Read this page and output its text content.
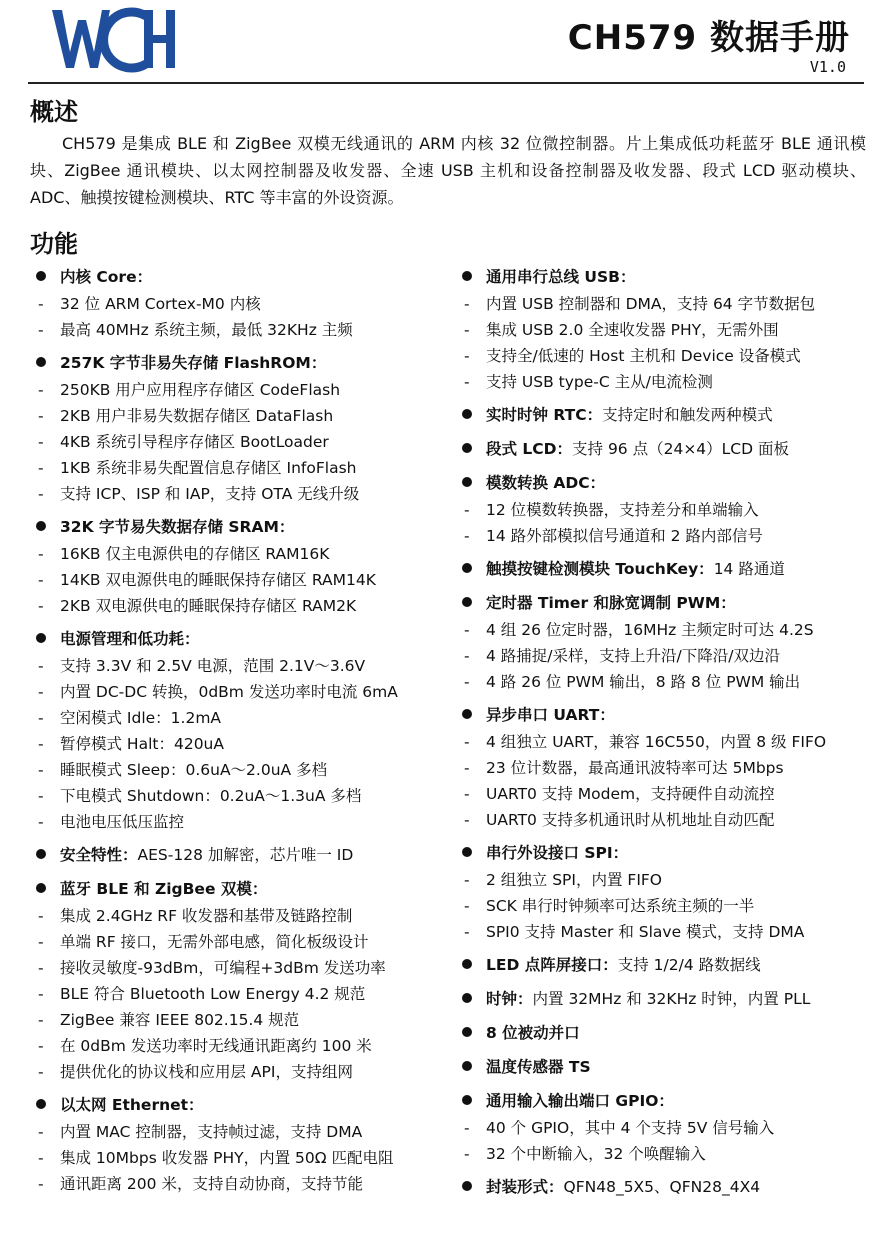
CH579 数据手册
V1.0
概述

CH579 是集成 BLE 和 ZigBee 双模无线通讯的 ARM 内核 32 位微控制器。片上集成低功耗蓝牙 BLE 通讯模块、ZigBee 通讯模块、以太网控制器及收发器、全速 USB 主机和设备控制器及收发器、段式 LCD 驱动模块、ADC、触摸按键检测模块、RTC 等丰富的外设资源。

功能
内核 Core：
- 32 位 ARM Cortex-M0 内核
- 最高 40MHz 系统主频，最低 32KHz 主频
257K 字节非易失存储 FlashROM：
- 250KB 用户应用程序存储区 CodeFlash
- 2KB 用户非易失数据存储区 DataFlash
- 4KB 系统引导程序存储区 BootLoader
- 1KB 系统非易失配置信息存储区 InfoFlash
- 支持 ICP、ISP 和 IAP，支持 OTA 无线升级
32K 字节易失数据存储 SRAM：
- 16KB 仅主电源供电的存储区 RAM16K
- 14KB 双电源供电的睡眠保持存储区 RAM14K
- 2KB 双电源供电的睡眠保持存储区 RAM2K
电源管理和低功耗：
- 支持 3.3V 和 2.5V 电源，范围 2.1V～3.6V
- 内置 DC-DC 转换，0dBm 发送功率时电流 6mA
- 空闲模式 Idle：1.2mA
- 暂停模式 Halt：420uA
- 睡眠模式 Sleep：0.6uA～2.0uA 多档
- 下电模式 Shutdown：0.2uA～1.3uA 多档
- 电池电压低压监控
安全特性： AES-128 加解密，芯片唯一 ID
蓝牙 BLE 和 ZigBee 双模：
- 集成 2.4GHz RF 收发器和基带及链路控制
- 单端 RF 接口，无需外部电感，简化板级设计
- 接收灵敏度-93dBm，可编程+3dBm 发送功率
- BLE 符合 Bluetooth Low Energy 4.2 规范
- ZigBee 兼容 IEEE 802.15.4 规范
- 在 0dBm 发送功率时无线通讯距离约 100 米
- 提供优化的协议栈和应用层 API，支持组网
以太网 Ethernet：
- 内置 MAC 控制器，支持帧过滤，支持 DMA
- 集成 10Mbps 收发器 PHY，内置 50Ω 匹配电阻
- 通讯距离 200 米，支持自动协商，支持节能
通用串行总线 USB：
- 内置 USB 控制器和 DMA，支持 64 字节数据包
- 集成 USB 2.0 全速收发器 PHY，无需外围
- 支持全/低速的 Host 主机和 Device 设备模式
- 支持 USB type-C 主从/电流检测
实时时钟 RTC： 支持定时和触发两种模式
段式 LCD： 支持 96 点（24×4）LCD 面板
模数转换 ADC：
- 12 位模数转换器，支持差分和单端输入
- 14 路外部模拟信号通道和 2 路内部信号
触摸按键检测模块 TouchKey： 14 路通道
定时器 Timer 和脉宽调制 PWM：
- 4 组 26 位定时器，16MHz 主频定时可达 4.2S
- 4 路捕捉/采样，支持上升沿/下降沿/双边沿
- 4 路 26 位 PWM 输出，8 路 8 位 PWM 输出
异步串口 UART：
- 4 组独立 UART，兼容 16C550，内置 8 级 FIFO
- 23 位计数器，最高通讯波特率可达 5Mbps
- UART0 支持 Modem，支持硬件自动流控
- UART0 支持多机通讯时从机地址自动匹配
串行外设接口 SPI：
- 2 组独立 SPI，内置 FIFO
- SCK 串行时钟频率可达系统主频的一半
- SPI0 支持 Master 和 Slave 模式，支持 DMA
LED 点阵屏接口： 支持 1/2/4 路数据线
时钟： 内置 32MHz 和 32KHz 时钟，内置 PLL
8 位被动并口
温度传感器 TS
通用输入输出端口 GPIO：
- 40 个 GPIO，其中 4 个支持 5V 信号输入
- 32 个中断输入，32 个唤醒输入
封装形式： QFN48_5X5、QFN28_4X4
